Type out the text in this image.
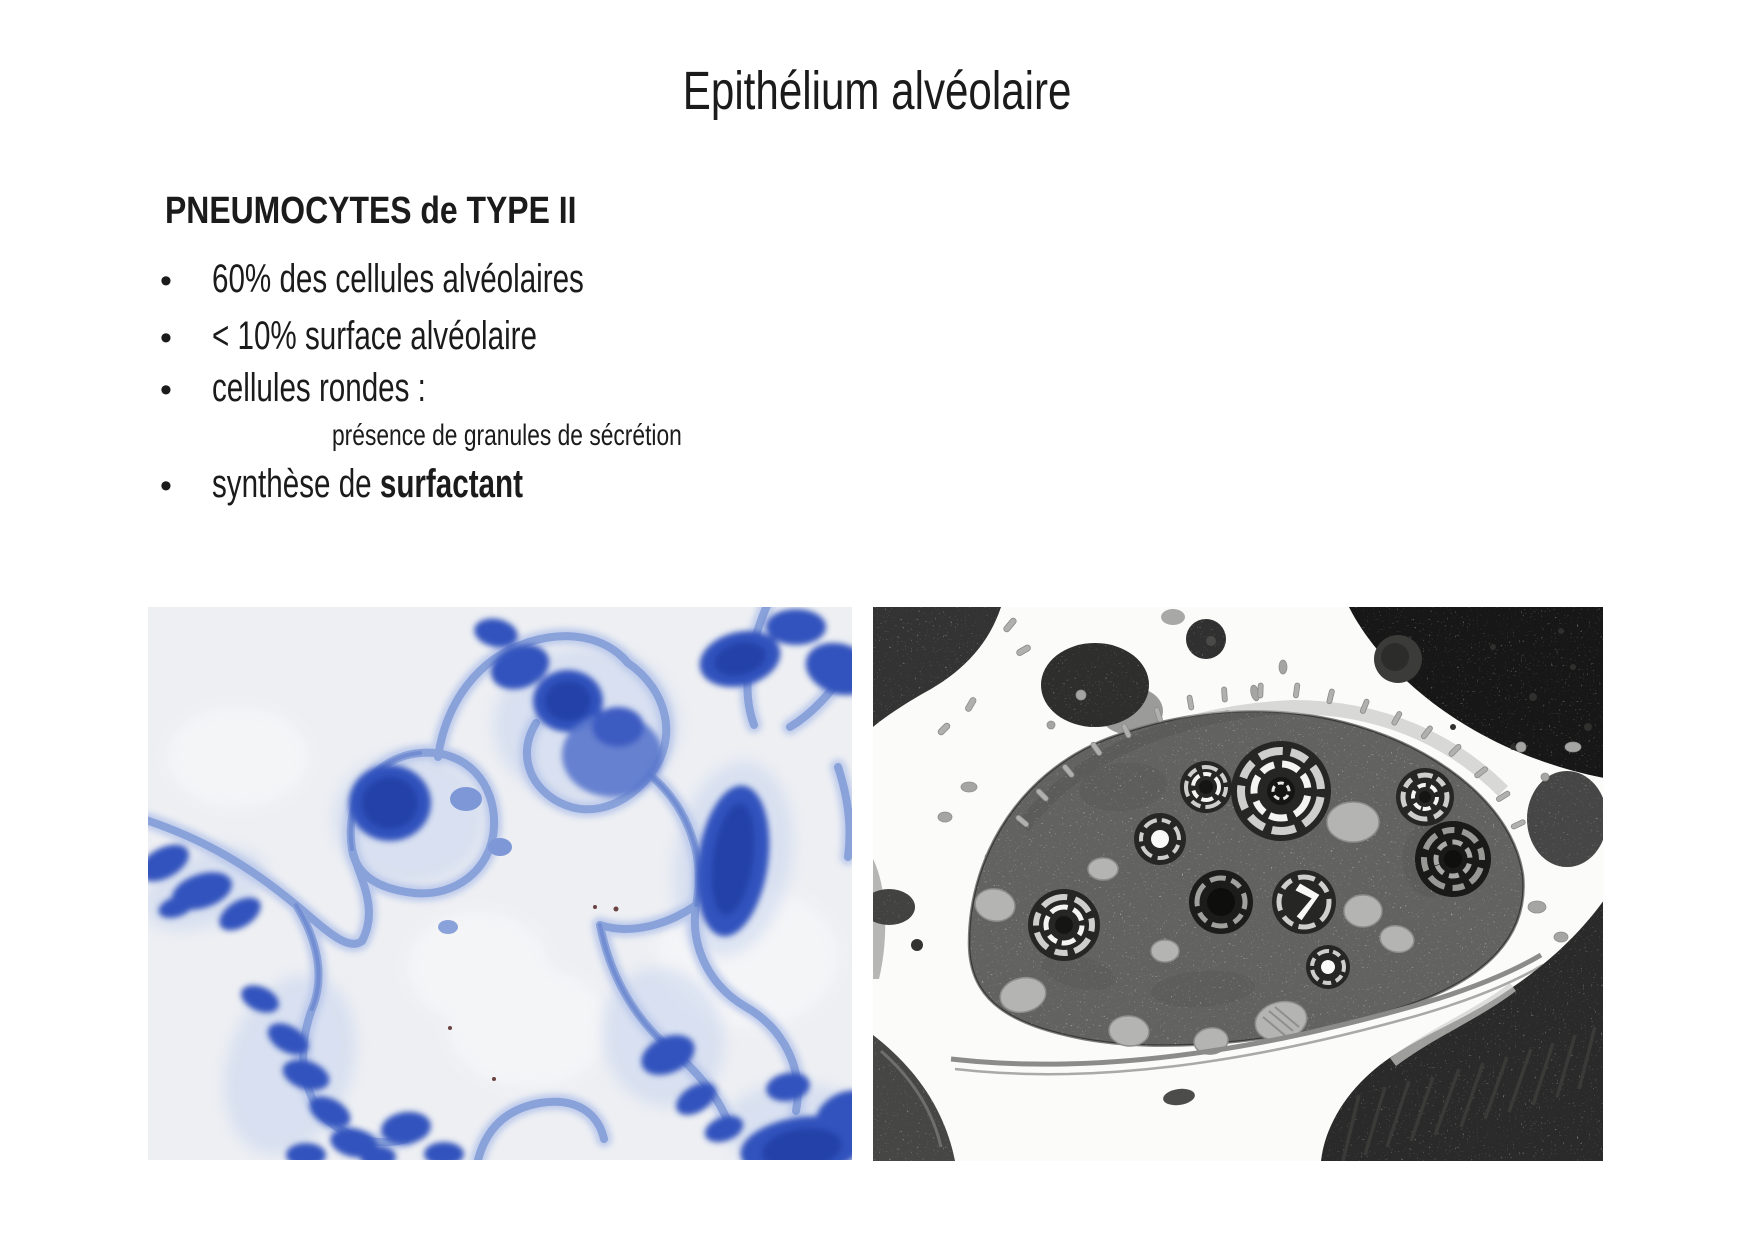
Epithélium alvéolaire
PNEUMOCYTES de TYPE II
•	60% des cellules alvéolaires
•	< 10% surface alvéolaire
•	cellules rondes :
présence de granules de sécrétion
•	synthèse de surfactant
